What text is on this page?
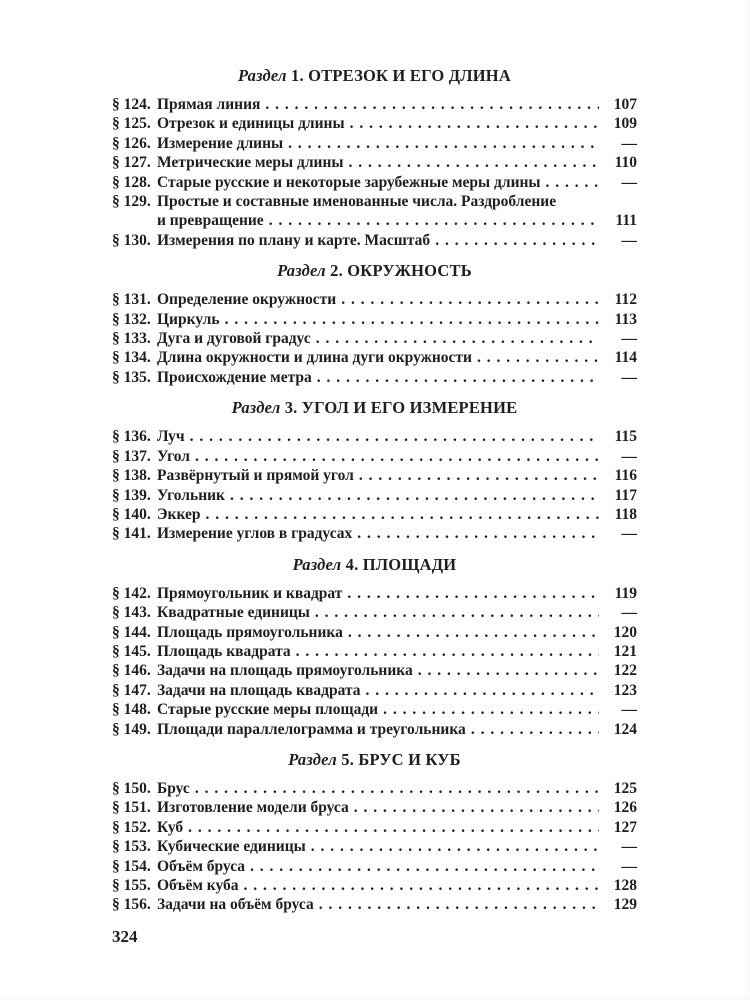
Раздел 1. ОТРЕЗОК И ЕГО ДЛИНА
§ 124. Прямая линия . . .	107
§ 125. Отрезок и единицы длины . . .	109
§ 126. Измерение длины . . .	—
§ 127. Метрические меры длины . . .	110
§ 128. Старые русские и некоторые зарубежные меры длины . . .	—
§ 129. Простые и составные именованные числа. Раздробление
и превращение . . .	111
§ 130. Измерения по плану и карте. Масштаб . . .	—
Раздел 2. ОКРУЖНОСТЬ
§ 131. Определение окружности . . .	112
§ 132. Циркуль . . .	113
§ 133. Дуга и дуговой градус . . .	—
§ 134. Длина окружности и длина дуги окружности . . .	114
§ 135. Происхождение метра . . .	—
Раздел 3. УГОЛ И ЕГО ИЗМЕРЕНИЕ
§ 136. Луч . . .	115
§ 137. Угол . . .	—
§ 138. Развёрнутый и прямой угол . . .	116
§ 139. Угольник . . .	117
§ 140. Эккер . . .	118
§ 141. Измерение углов в градусах . . .	—
Раздел 4. ПЛОЩАДИ
§ 142. Прямоугольник и квадрат . . .	119
§ 143. Квадратные единицы . . .	—
§ 144. Площадь прямоугольника . . .	120
§ 145. Площадь квадрата . . .	121
§ 146. Задачи на площадь прямоугольника . . .	122
§ 147. Задачи на площадь квадрата . . .	123
§ 148. Старые русские меры площади . . .	—
§ 149. Площади параллелограмма и треугольника . . .	124
Раздел 5. БРУС И КУБ
§ 150. Брус . . .	125
§ 151. Изготовление модели бруса . . .	126
§ 152. Куб . . .	127
§ 153. Кубические единицы . . .	—
§ 154. Объём бруса . . .	—
§ 155. Объём куба . . .	128
§ 156. Задачи на объём бруса . . .	129
324
